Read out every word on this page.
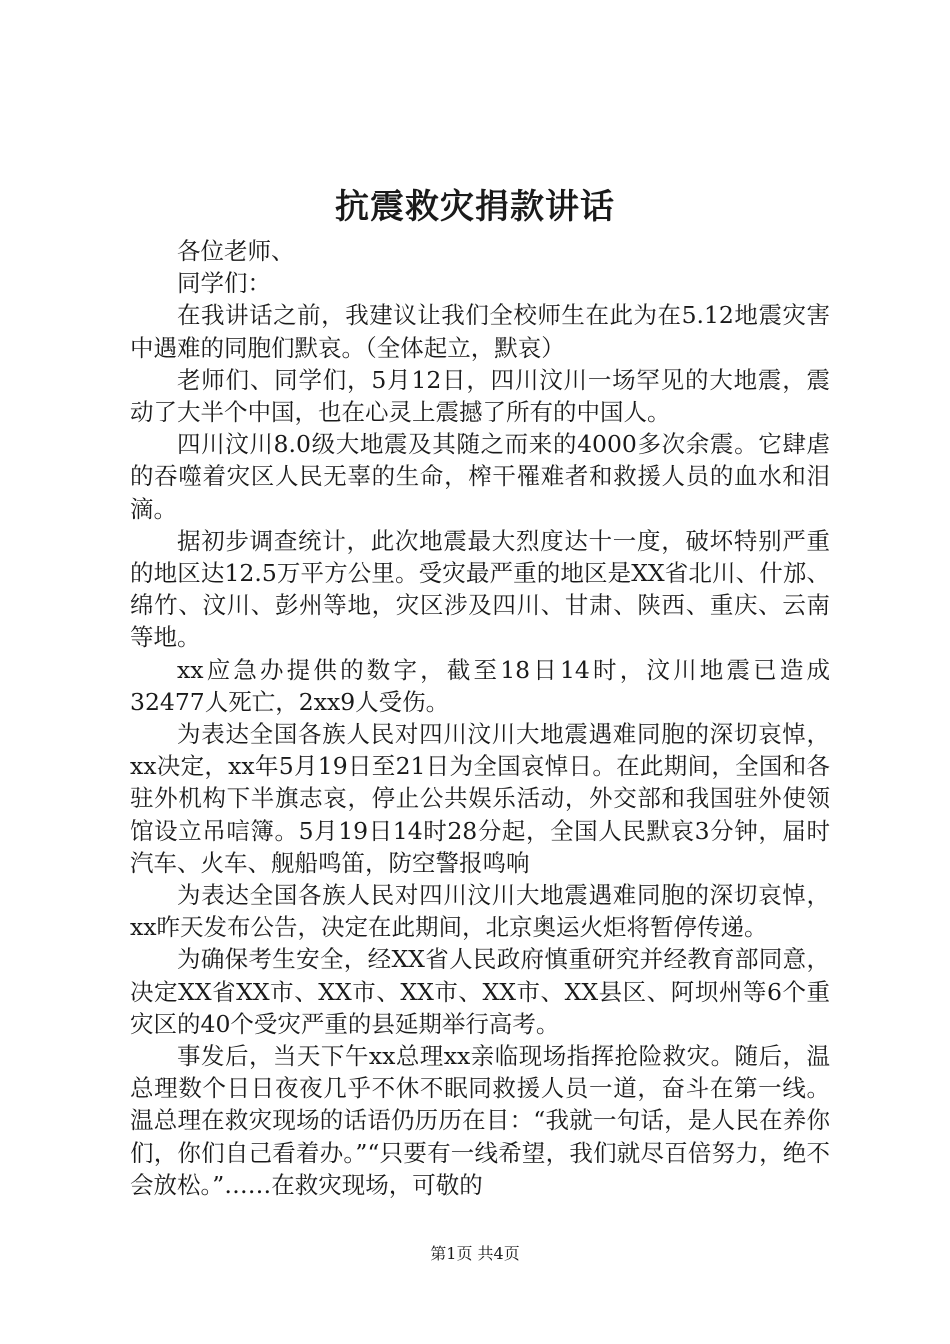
抗震救灾捐款讲话

各位老师、

同学们：

在我讲话之前，我建议让我们全校师生在此为在5.12地震灾害中遇难的同胞们默哀。（全体起立，默哀）

老师们、同学们，5月12日，四川汶川一场罕见的大地震，震动了大半个中国，也在心灵上震撼了所有的中国人。

四川汶川8.0级大地震及其随之而来的4000多次余震。它肆虐的吞噬着灾区人民无辜的生命，榨干罹难者和救援人员的血水和泪滴。

据初步调查统计，此次地震最大烈度达十一度，破坏特别严重的地区达12.5万平方公里。受灾最严重的地区是XX省北川、什邡、绵竹、汶川、彭州等地，灾区涉及四川、甘肃、陕西、重庆、云南等地。

xx应急办提供的数字，截至18日14时，汶川地震已造成32477人死亡，2xx9人受伤。

为表达全国各族人民对四川汶川大地震遇难同胞的深切哀悼，xx决定，xx年5月19日至21日为全国哀悼日。在此期间，全国和各驻外机构下半旗志哀，停止公共娱乐活动，外交部和我国驻外使领馆设立吊唁簿。5月19日14时28分起，全国人民默哀3分钟，届时汽车、火车、舰船鸣笛，防空警报鸣响

为表达全国各族人民对四川汶川大地震遇难同胞的深切哀悼，xx昨天发布公告，决定在此期间，北京奥运火炬将暂停传递。

为确保考生安全，经XX省人民政府慎重研究并经教育部同意，决定XX省XX市、XX市、XX市、XX市、XX县区、阿坝州等6个重灾区的40个受灾严重的县延期举行高考。

事发后，当天下午xx总理xx亲临现场指挥抢险救灾。随后，温总理数个日日夜夜几乎不休不眠同救援人员一道，奋斗在第一线。温总理在救灾现场的话语仍历历在目：“我就一句话，是人民在养你们，你们自己看着办。”“只要有一线希望，我们就尽百倍努力，绝不会放松。”……在救灾现场，可敬的

第1页 共4页
